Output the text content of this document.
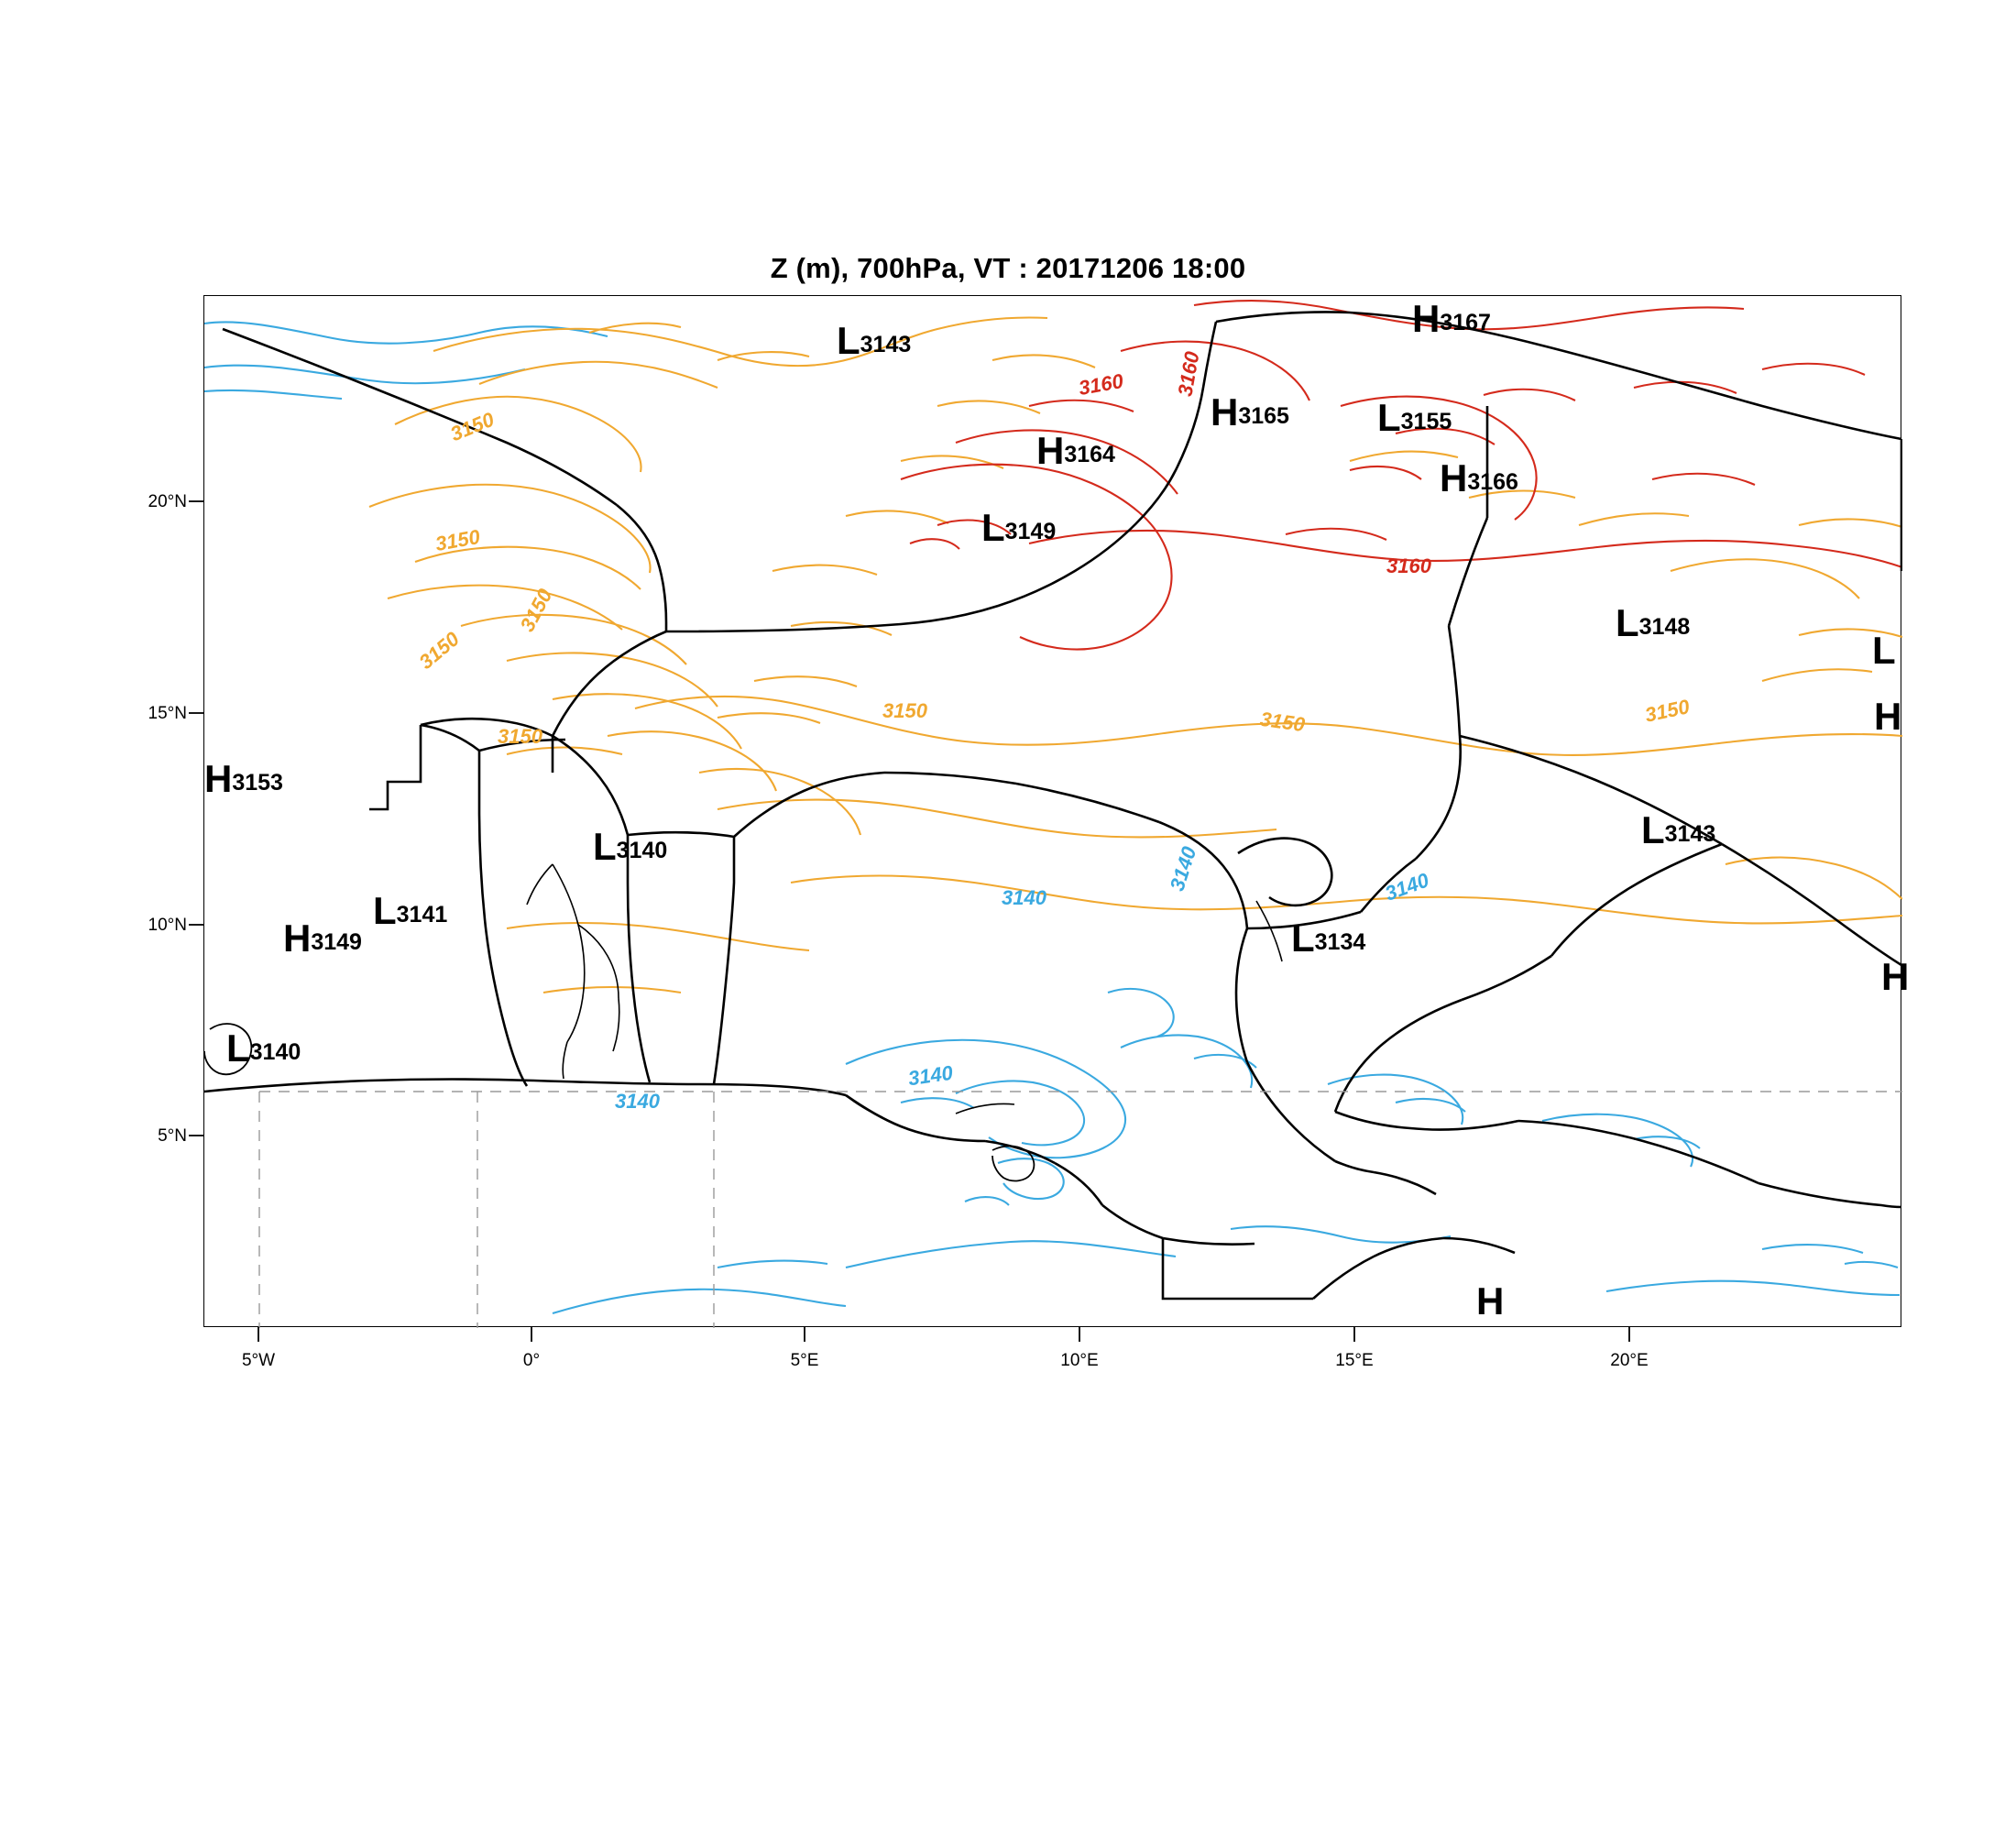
Z (m), 700hPa, VT : 20171206 18:00
3150
3150
3150
3150
3150
3150	3150	3150
3160 3160
3160
3140
3140	3140
3140
3140
L3143
H3167
H3165 L3155
H3164
H3166
L3149
L3148
L
H
H3153
L3143
L3140
L3141
H3149	L3134
H
L3140
H
20°N
15°N
10°N
5°N
5°W	0°	5°E	10°E	15°E	20°E
